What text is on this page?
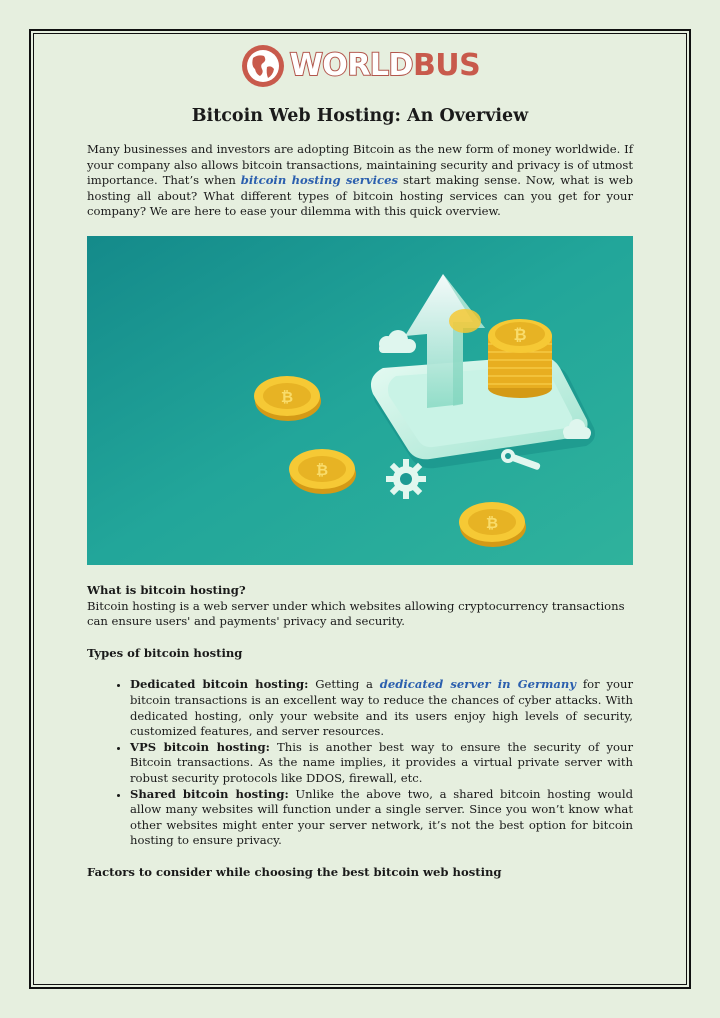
WORLDBUS
Bitcoin Web Hosting: An Overview

Many businesses and investors are adopting Bitcoin as the new form of money worldwide. If your company also allows bitcoin transactions, maintaining security and privacy is of utmost importance. That’s when bitcoin hosting services start making sense. Now, what is web hosting all about? What different types of bitcoin hosting services can you get for your company? We are here to ease your dilemma with this quick overview.

₿
₿
₿
₿

What is bitcoin hosting?

Bitcoin hosting is a web server under which websites allowing cryptocurrency transactions can ensure users' and payments' privacy and security.

Types of bitcoin hosting

• Dedicated bitcoin hosting: Getting a dedicated server in Germany for your bitcoin transactions is an excellent way to reduce the chances of cyber attacks. With dedicated hosting, only your website and its users enjoy high levels of security, customized features, and server resources.
• VPS bitcoin hosting: This is another best way to ensure the security of your Bitcoin transactions. As the name implies, it provides a virtual private server with robust security protocols like DDOS, firewall, etc.
• Shared bitcoin hosting: Unlike the above two, a shared bitcoin hosting would allow many websites will function under a single server. Since you won’t know what other websites might enter your server network, it’s not the best option for bitcoin hosting to ensure privacy.

Factors to consider while choosing the best bitcoin web hosting
